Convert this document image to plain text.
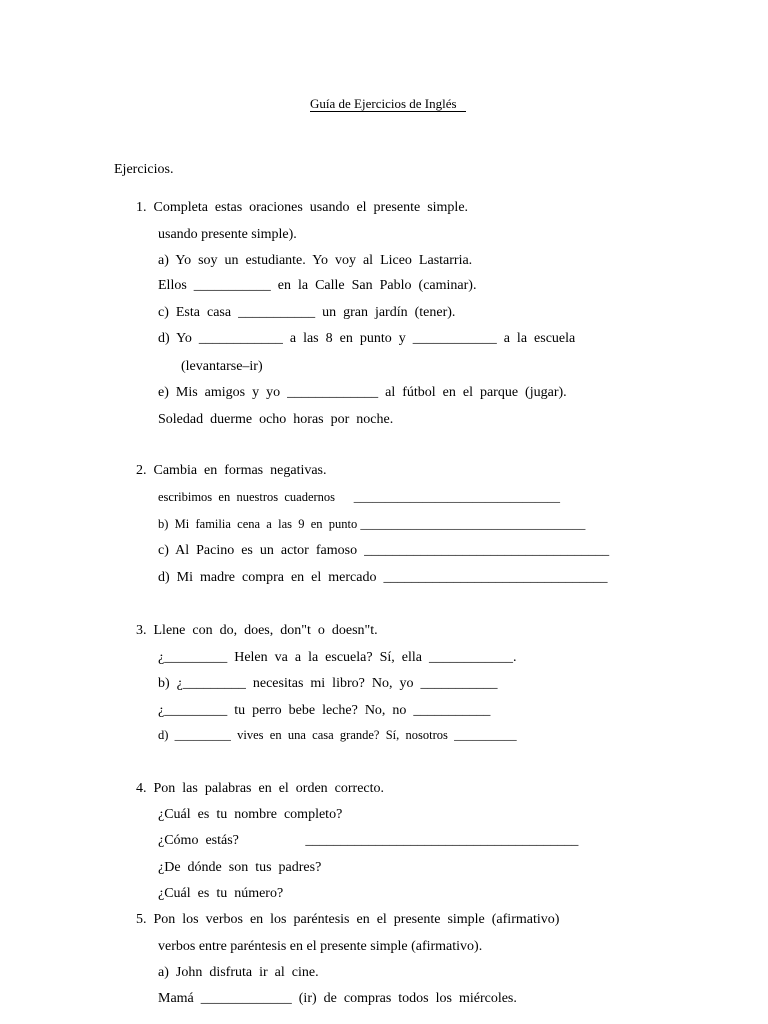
Guía de Ejercicios de Inglés
Ejercicios.
1.  Completa  estas  oraciones  usando  el  presente  simple.
usando presente simple).
a)  Yo  soy  un  estudiante.  Yo  voy  al  Liceo  Lastarria.
Ellos  ___________  en  la  Calle  San  Pablo  (caminar).
c)  Esta  casa  ___________  un  gran  jardín  (tener).
d)  Yo  ____________  a  las  8  en  punto  y  ____________  a  la  escuela
(levantarse–ir)
e)  Mis  amigos  y  yo  _____________  al  fútbol  en  el  parque  (jugar).
Soledad  duerme  ocho  horas  por  noche.
2.  Cambia  en  formas  negativas.
escribimos  en  nuestros  cuadernos      _________________________________
b)  Mi  familia  cena  a  las  9  en  punto ____________________________________
c)  Al  Pacino  es  un  actor  famoso  ___________________________________
d)  Mi  madre  compra  en  el  mercado  ________________________________
3.  Llene  con  do,  does,  don"t  o  doesn"t.
¿_________  Helen  va  a  la  escuela?  Sí,  ella  ____________.
b)  ¿_________  necesitas  mi  libro?  No,  yo  ___________
¿_________  tu  perro  bebe  leche?  No,  no  ___________
d)  _________  vives  en  una  casa  grande?  Sí,  nosotros  __________
4.  Pon  las  palabras  en  el  orden  correcto.
¿Cuál  es  tu  nombre  completo?
¿Cómo  estás?                   _______________________________________
¿De  dónde  son  tus  padres?
¿Cuál  es  tu  número?
5.  Pon  los  verbos  en  los  paréntesis  en  el  presente  simple  (afirmativo)
verbos entre paréntesis en el presente simple (afirmativo).
a)  John  disfruta  ir  al  cine.
Mamá  _____________  (ir)  de  compras  todos  los  miércoles.
